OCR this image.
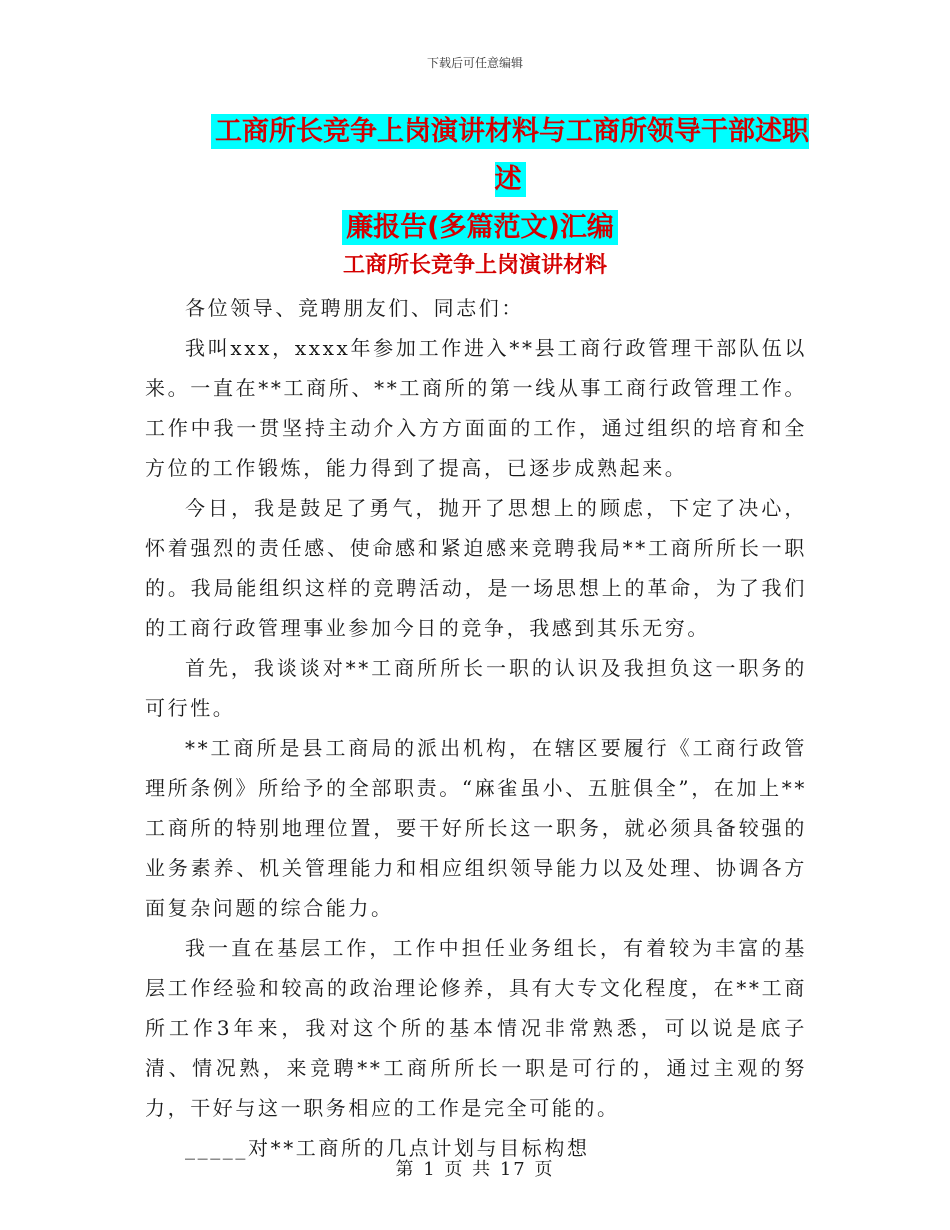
下载后可任意编辑
工商所长竞争上岗演讲材料与工商所领导干部述职述
廉报告(多篇范文)汇编
工商所长竞争上岗演讲材料

各位领导、竞聘朋友们、同志们：

我叫xxx，xxxx年参加工作进入**县工商行政管理干部队伍以来。一直在**工商所、**工商所的第一线从事工商行政管理工作。工作中我一贯坚持主动介入方方面面的工作，通过组织的培育和全方位的工作锻炼，能力得到了提高，已逐步成熟起来。

今日，我是鼓足了勇气，抛开了思想上的顾虑，下定了决心，怀着强烈的责任感、使命感和紧迫感来竞聘我局**工商所所长一职的。我局能组织这样的竞聘活动，是一场思想上的革命，为了我们的工商行政管理事业参加今日的竞争，我感到其乐无穷。

首先，我谈谈对**工商所所长一职的认识及我担负这一职务的可行性。

**工商所是县工商局的派出机构，在辖区要履行《工商行政管理所条例》所给予的全部职责。“麻雀虽小、五脏俱全”，在加上**工商所的特别地理位置，要干好所长这一职务，就必须具备较强的业务素养、机关管理能力和相应组织领导能力以及处理、协调各方面复杂问题的综合能力。

我一直在基层工作，工作中担任业务组长，有着较为丰富的基层工作经验和较高的政治理论修养，具有大专文化程度，在**工商所工作3年来，我对这个所的基本情况非常熟悉，可以说是底子清、情况熟，来竞聘**工商所所长一职是可行的，通过主观的努力，干好与这一职务相应的工作是完全可能的。

_____对**工商所的几点计划与目标构想

第 1 页 共 17 页
